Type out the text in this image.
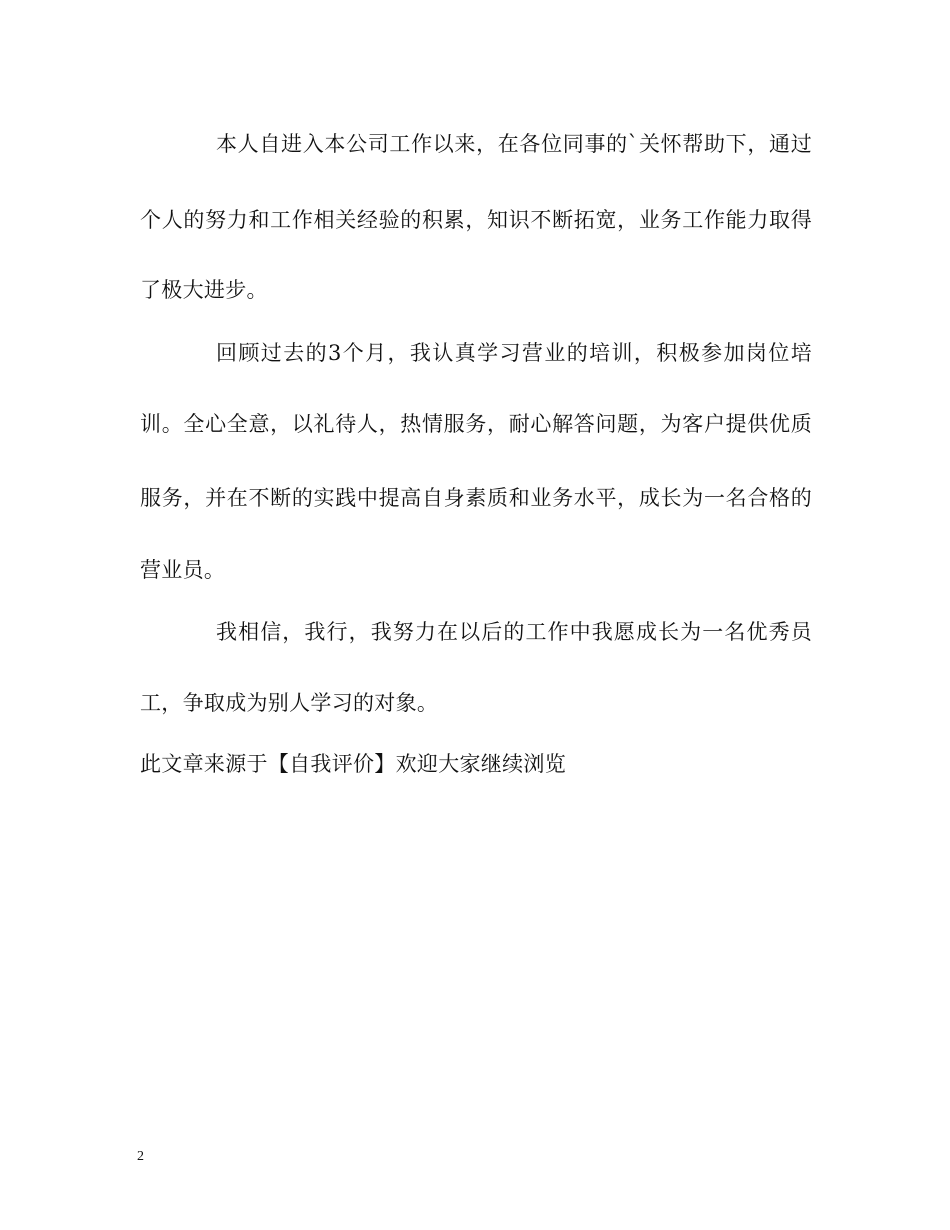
本人自进入本公司工作以来，在各位同事的`关怀帮助下，通过
个人的努力和工作相关经验的积累，知识不断拓宽，业务工作能力取得
了极大进步。
回顾过去的3个月，我认真学习营业的培训，积极参加岗位培
训。全心全意，以礼待人，热情服务，耐心解答问题，为客户提供优质
服务，并在不断的实践中提高自身素质和业务水平，成长为一名合格的
营业员。
我相信，我行，我努力在以后的工作中我愿成长为一名优秀员
工，争取成为别人学习的对象。
此文章来源于【自我评价】欢迎大家继续浏览
2
